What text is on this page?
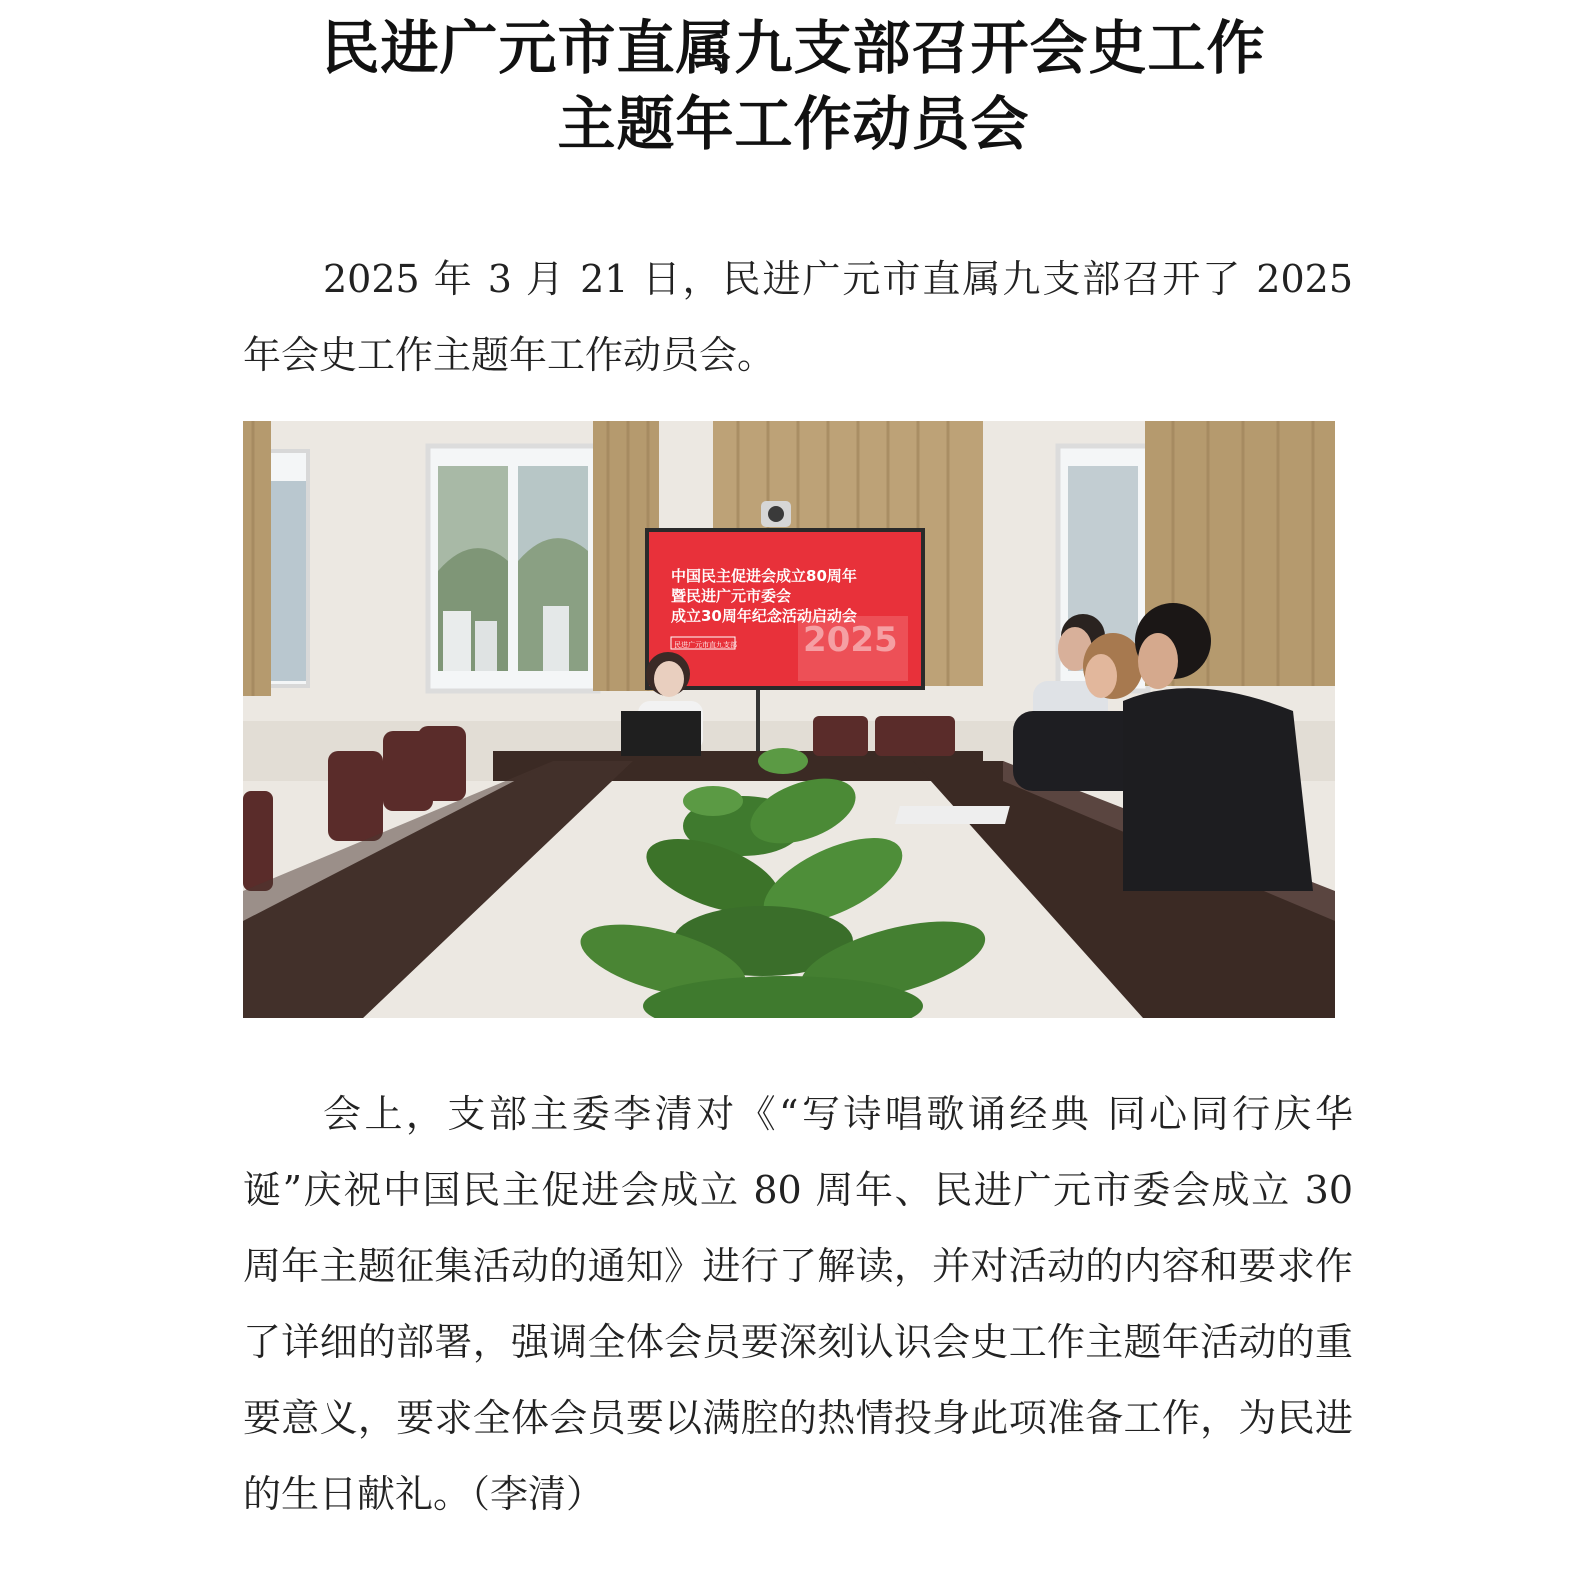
民进广元市直属九支部召开会史工作
主题年工作动员会

2025 年 3 月 21 日，民进广元市直属九支部召开了 2025 年会史工作主题年工作动员会。

2025
中国民主促进会成立80周年
暨民进广元市委会
成立30周年纪念活动启动会
民进广元市直九支部

会上，支部主委李清对《“写诗唱歌诵经典 同心同行庆华诞”庆祝中国民主促进会成立 80 周年、民进广元市委会成立 30 周年主题征集活动的通知》进行了解读，并对活动的内容和要求作了详细的部署，强调全体会员要深刻认识会史工作主题年活动的重要意义，要求全体会员要以满腔的热情投身此项准备工作，为民进的生日献礼。（李清）
